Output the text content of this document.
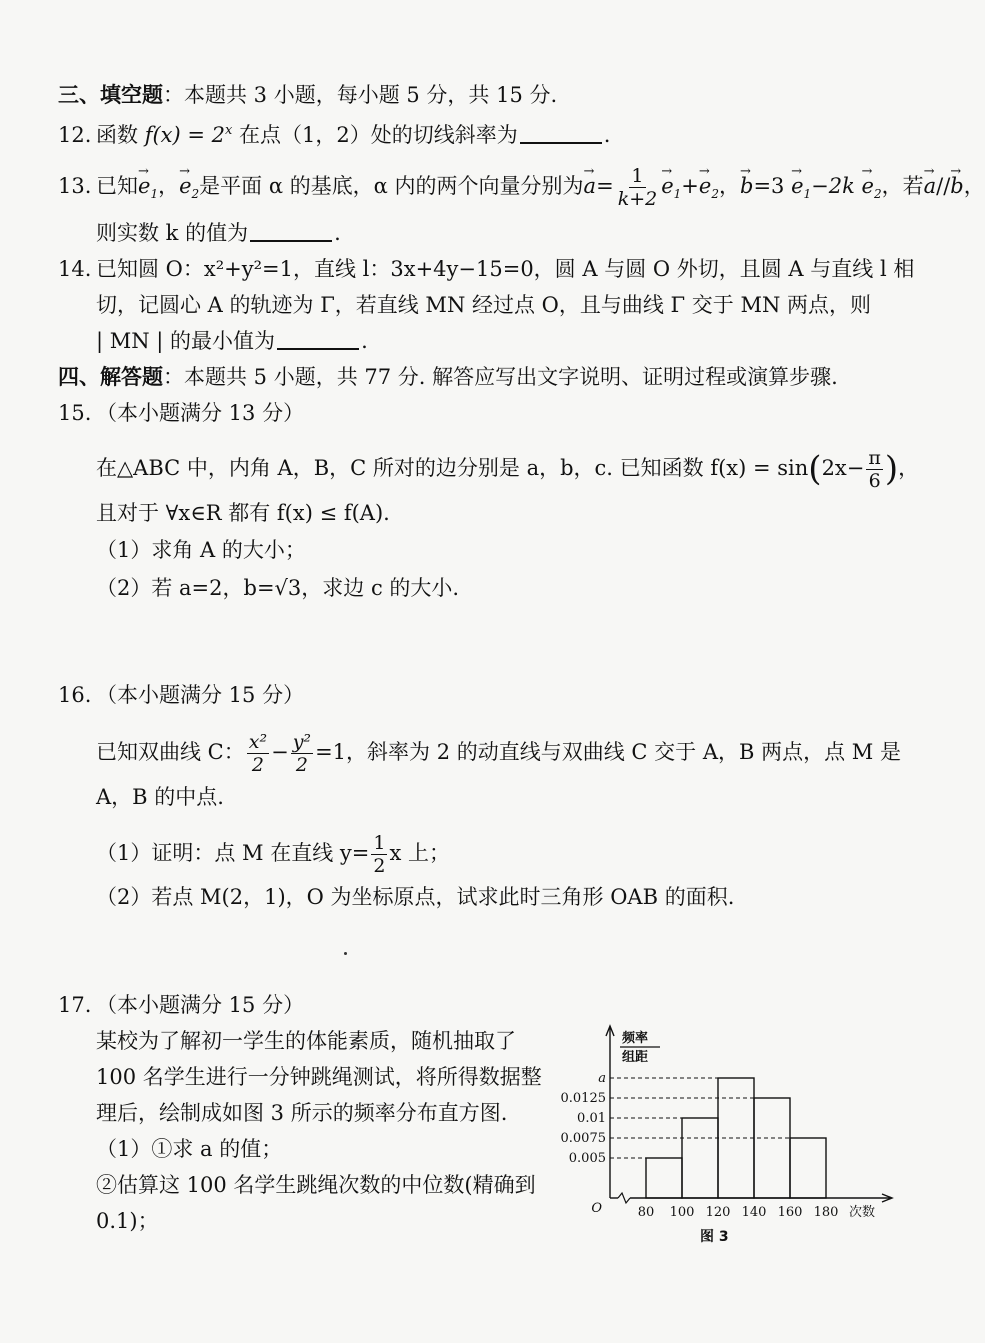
三、填空题：本题共 3 小题，每小题 5 分，共 15 分.
12. 函数 $f(x) = 2^x$ 在点（1，2）处的切线斜率为	.
13. 已知→ $e_1$，→ $e_2$是平面 α 的基底，α 内的两个向量分别为→ $a= \frac{1}{k+2}$
→ $e_1+\to e_2$，→ $b=3 \to e_1-2k \to e_2$，若→ a//→ b，
则实数 k 的值为	.
14. 已知圆 O：x²+y²=1，直线 l：3x+4y−15=0，圆 A 与圆 O 外切，且圆 A 与直线 l 相
切，记圆心 A 的轨迹为 Γ，若直线 MN 经过点 O，且与曲线 Γ 交于 MN 两点，则
| MN | 的最小值为	.
四、解答题：本题共 5 小题，共 77 分. 解答应写出文字说明、证明过程或演算步骤.
15. （本小题满分 13 分）
在△ABC 中，内角 A，B，C 所对的边分别是 a，b，c. 已知函数 $f(x) = \sin(2x- \frac{\pi}{6}$ )，
且对于 ∀x∈R 都有 f(x) ≤ f(A).
（1）求角 A 的大小；
（2）若 a=2，b=√3，求边 c 的大小.
16. （本小题满分 15 分）
已知双曲线 C： $\frac{\text{x²}}{2} - \frac{\text{y²}}{2} =1$，斜率为 2 的动直线与双曲线 C 交于 A，B 两点，点 M 是
A，B 的中点.
（1）证明：点 M 在直线 $y= \frac{1}{2}$ x 上；
（2）若点 M(2，1)，O 为坐标原点，试求此时三角形 OAB 的面积.
17. （本小题满分 15 分）
某校为了解初一学生的体能素质，随机抽取了
100 名学生进行一分钟跳绳测试，将所得数据整
理后，绘制成如图 3 所示的频率分布直方图.
（1）①求 a 的值；
②估算这 100 名学生跳绳次数的中位数(精确到
0.1)；
频率
组距
a
0.0125
0.01
0.0075
0.005
80 100 120 140 160 180 次数
O
图 3
